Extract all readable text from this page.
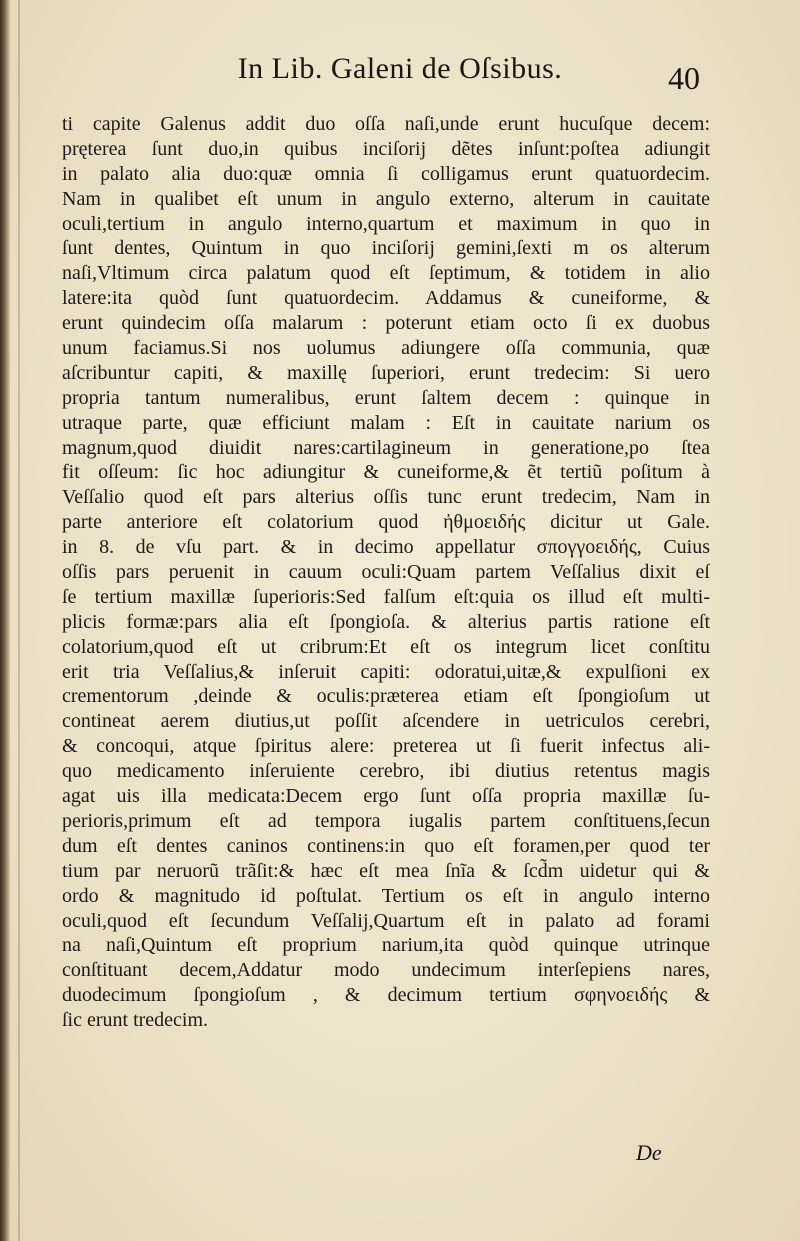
In Lib. Galeni de Oſsibus.	40
ti capite Galenus addit duo oſſa naſi,unde erunt hucuſque decem:
pręterea ſunt duo,in quibus inciſorij dẽtes inſunt:poſtea adiungit
in palato alia duo:quæ omnia ſi colligamus erunt quatuordecim.
Nam in qualibet eſt unum in angulo externo, alterum in cauitate
oculi,tertium in angulo interno,quartum et maximum in quo in
ſunt dentes, Quintum in quo inciſorij gemini,ſexti m os alterum
naſi,Vltimum circa palatum quod eſt ſeptimum, & totidem in alio
latere:ita quòd ſunt quatuordecim. Addamus & cuneiforme, &
erunt quindecim oſſa malarum : poterunt etiam octo ſi ex duobus
unum faciamus.Si nos uolumus adiungere oſſa communia, quæ
aſcribuntur capiti, & maxillę ſuperiori, erunt tredecim: Si uero
propria tantum numeralibus, erunt ſaltem decem : quinque in
utraque parte, quæ efficiunt malam : Eſt in cauitate narium os
magnum,quod diuidit nares:cartilagineum in generatione,po ſtea
fit oſſeum: ſic hoc adiungitur & cuneiforme,& ẽt tertiũ poſitum à
Veſſalio quod eſt pars alterius oſſis tunc erunt tredecim, Nam in
parte anteriore eſt colatorium quod ἠθμοειδής dicitur ut Gale.
in 8. de vſu part. & in decimo appellatur σπογγοειδής, Cuius
oſſis pars peruenit in cauum oculi:Quam partem Veſſalius dixit eſ
ſe tertium maxillæ ſuperioris:Sed falſum eſt:quia os illud eſt multi-
plicis formæ:pars alia eſt ſpongioſa. & alterius partis ratione eſt
colatorium,quod eſt ut cribrum:Et eſt os integrum licet conſtitu
erit tria Veſſalius,& inſeruit capiti: odoratui,uitæ,& expulſioni ex
crementorum ,deinde & oculis:præterea etiam eſt ſpongioſum ut
contineat aerem diutius,ut poſſit aſcendere in uetriculos cerebri,
& concoqui, atque ſpiritus alere: preterea ut ſi fuerit infectus ali-
quo medicamento inſeruiente cerebro, ibi diutius retentus magis
agat uis illa medicata:Decem ergo ſunt oſſa propria maxillæ ſu-
perioris,primum eſt ad tempora iugalis partem conſtituens,ſecun
dum eſt dentes caninos continens:in quo eſt foramen,per quod ter
tium par neruorũ trãſit:& hæc eſt mea ſnĩa & ſcd̃m uidetur qui &
ordo & magnitudo id poſtulat. Tertium os eſt in angulo interno
oculi,quod eſt ſecundum Veſſalij,Quartum eſt in palato ad forami
na naſi,Quintum eſt proprium narium,ita quòd quinque utrinque
conſtituant decem,Addatur modo undecimum interſepiens nares,
duodecimum ſpongioſum , & decimum tertium σφηνοειδής &
ſic erunt tredecim.
De
